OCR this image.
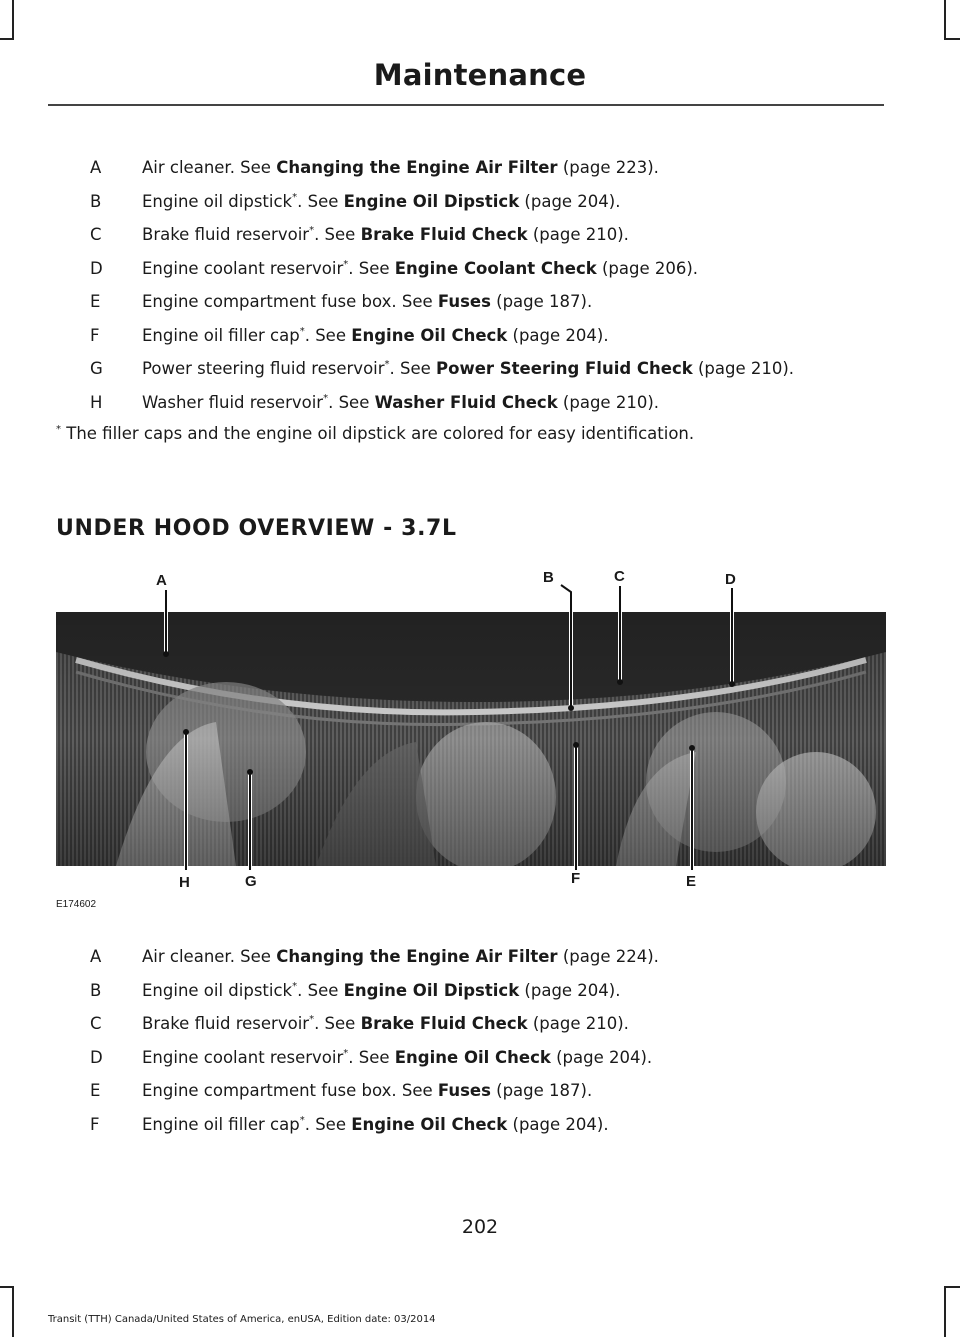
Maintenance
A	Air cleaner. See Changing the Engine Air Filter (page 223).
B	Engine oil dipstick*. See Engine Oil Dipstick (page 204).
C	Brake fluid reservoir*. See Brake Fluid Check (page 210).
D	Engine coolant reservoir*. See Engine Coolant Check (page 206).
E	Engine compartment fuse box. See Fuses (page 187).
F	Engine oil filler cap*. See Engine Oil Check (page 204).
G	Power steering fluid reservoir*. See Power Steering Fluid Check (page 210).
H	Washer fluid reservoir*. See Washer Fluid Check (page 210).
* The filler caps and the engine oil dipstick are colored for easy identification.
UNDER HOOD OVERVIEW - 3.7L
A	B	C	D
E
F
G
H
E174602
A	Air cleaner. See Changing the Engine Air Filter (page 224).
B	Engine oil dipstick*. See Engine Oil Dipstick (page 204).
C	Brake fluid reservoir*. See Brake Fluid Check (page 210).
D	Engine coolant reservoir*. See Engine Oil Check (page 204).
E	Engine compartment fuse box. See Fuses (page 187).
F	Engine oil filler cap*. See Engine Oil Check (page 204).
202
Transit (TTH) Canada/United States of America, enUSA, Edition date: 03/2014
